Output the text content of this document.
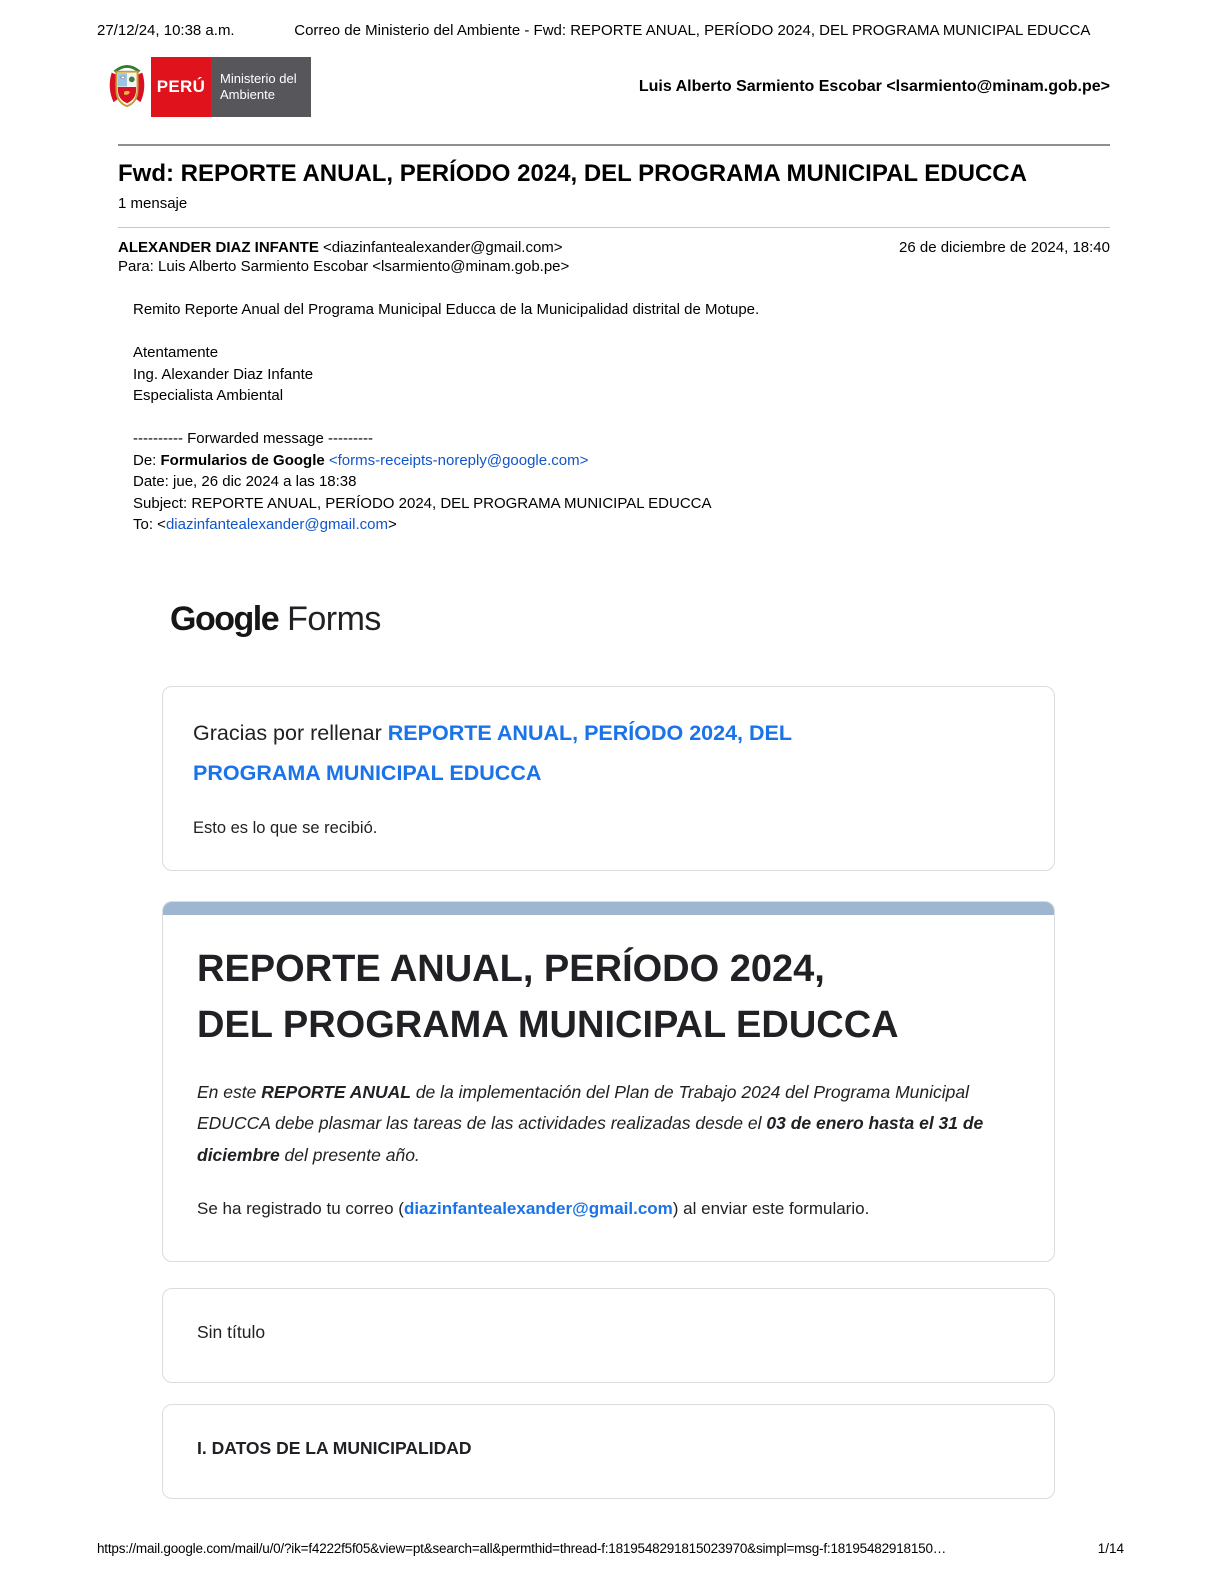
27/12/24, 10:38 a.m.	Correo de Ministerio del Ambiente - Fwd: REPORTE ANUAL, PERÍODO 2024, DEL PROGRAMA MUNICIPAL EDUCCA
PERÚ	Ministerio del Ambiente	Luis Alberto Sarmiento Escobar <lsarmiento@minam.gob.pe>
Fwd: REPORTE ANUAL, PERÍODO 2024, DEL PROGRAMA MUNICIPAL EDUCCA
1 mensaje
ALEXANDER DIAZ INFANTE <diazinfantealexander@gmail.com>	26 de diciembre de 2024, 18:40
Para: Luis Alberto Sarmiento Escobar <lsarmiento@minam.gob.pe>

Remito Reporte Anual del Programa Municipal Educca de la Municipalidad distrital de Motupe.

Atentamente

Ing. Alexander Diaz Infante

Especialista Ambiental

---------- Forwarded message ---------

De: Formularios de Google <forms-receipts-noreply@google.com>

Date: jue, 26 dic 2024 a las 18:38

Subject: REPORTE ANUAL, PERÍODO 2024, DEL PROGRAMA MUNICIPAL EDUCCA

To: <diazinfantealexander@gmail.com>

Google Forms
Gracias por rellenar REPORTE ANUAL, PERÍODO 2024, DEL PROGRAMA MUNICIPAL EDUCCA
Esto es lo que se recibió.
REPORTE ANUAL, PERÍODO 2024,
DEL PROGRAMA MUNICIPAL EDUCCA
En este REPORTE ANUAL de la implementación del Plan de Trabajo 2024 del Programa Municipal EDUCCA debe plasmar las tareas de las actividades realizadas desde el 03 de enero hasta el 31 de diciembre del presente año.
Se ha registrado tu correo (diazinfantealexander@gmail.com) al enviar este formulario.
Sin título
I. DATOS DE LA MUNICIPALIDAD
https://mail.google.com/mail/u/0/?ik=f4222f5f05&view=pt&search=all&permthid=thread-f:1819548291815023970&simpl=msg-f:18195482918150…	1/14
